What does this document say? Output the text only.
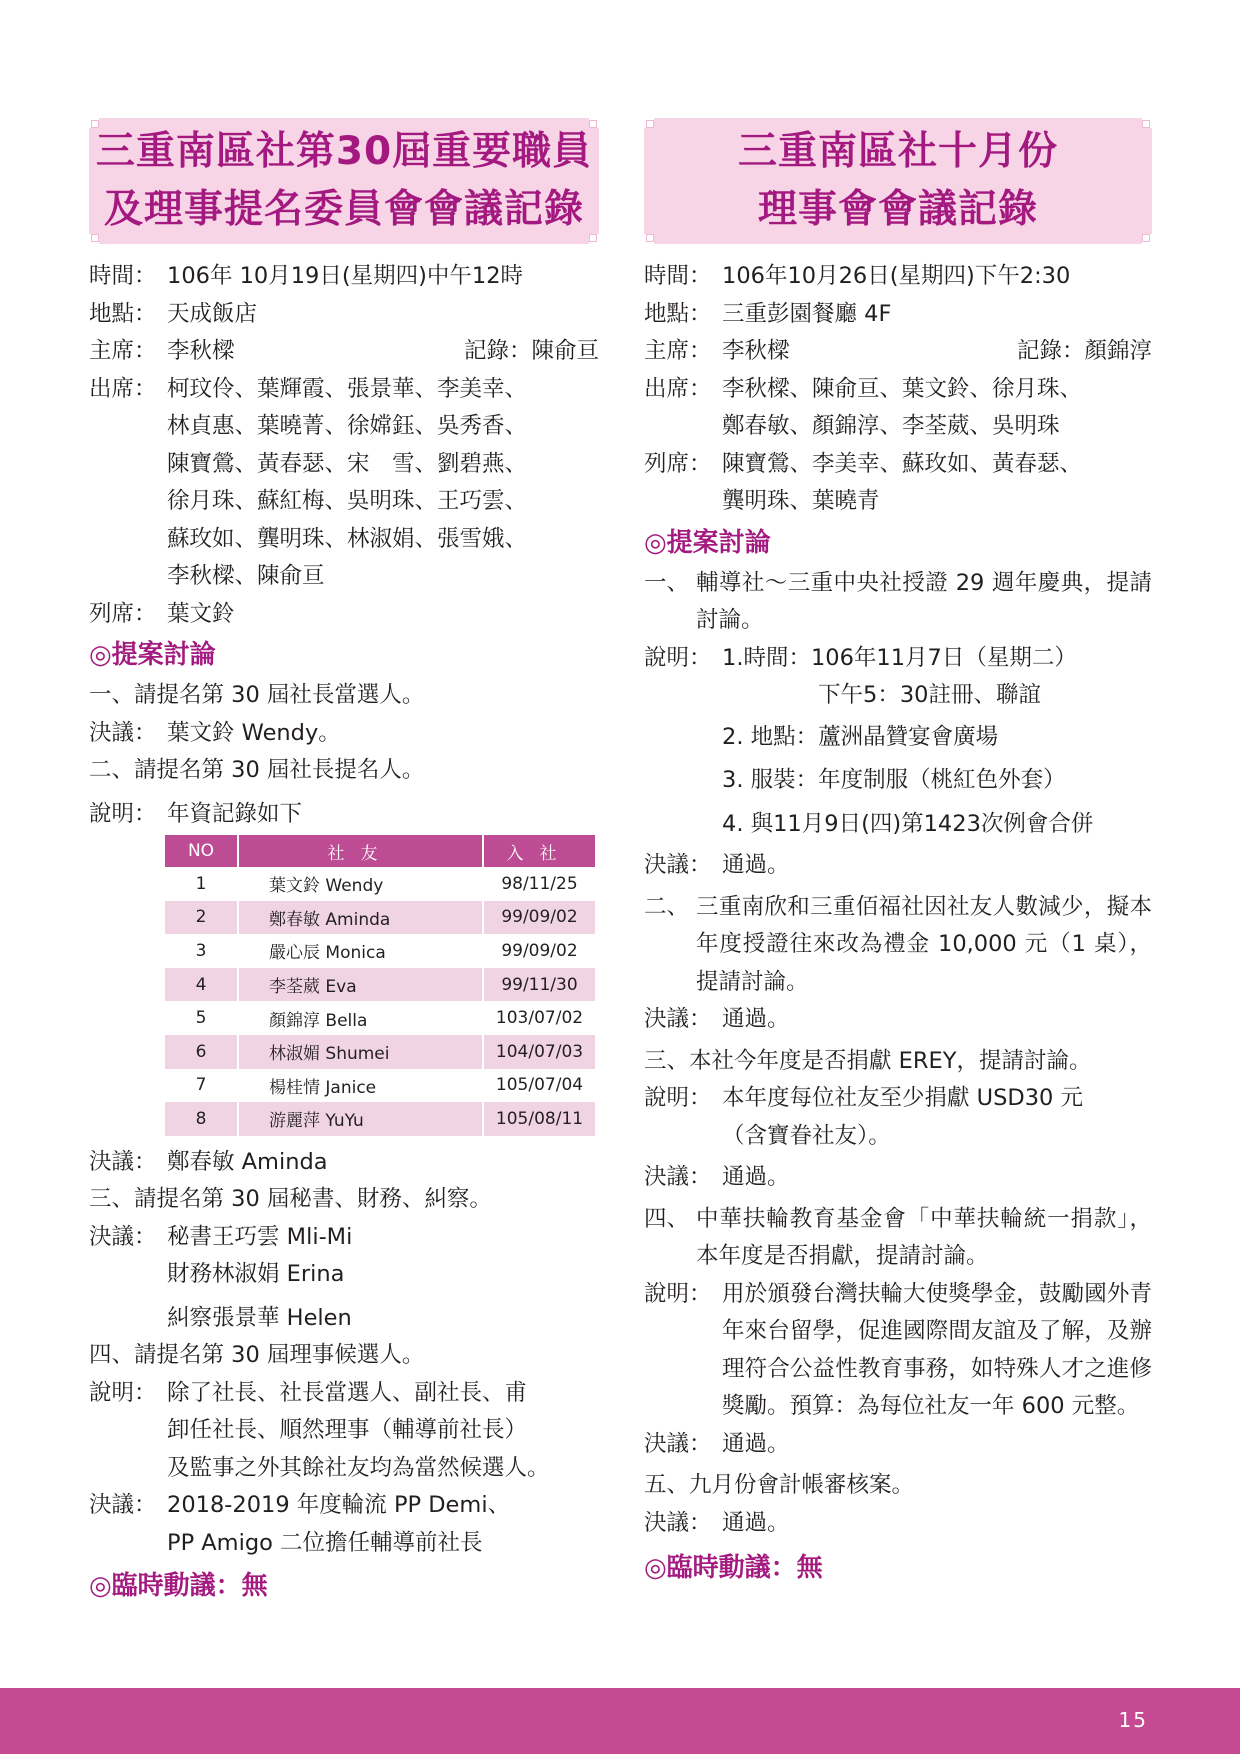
三重南區社第30屆重要職員
及理事提名委員會會議記錄
時間： 106年 10月19日(星期四)中午12時
地點： 天成飯店
主席： 李秋樑	記錄：陳俞亘
出席： 柯玟伶、葉輝霞、張景華、李美幸、
林貞惠、葉曉菁、徐嫦鈺、吳秀香、
陳寶鶯、黃春瑟、宋　雪、劉碧燕、
徐月珠、蘇紅梅、吳明珠、王巧雲、
蘇玫如、龔明珠、林淑娟、張雪娥、
李秋樑、陳俞亘
列席： 葉文鈴
◎提案討論
一、請提名第 30 屆社長當選人。
決議： 葉文鈴 Wendy。
二、請提名第 30 屆社長提名人。
說明： 年資記錄如下
NO	社友	入社
1	葉文鈴 Wendy	98/11/25
2	鄭春敏 Aminda	99/09/02
3	嚴心辰 Monica	99/09/02
4	李荃葳 Eva	99/11/30
5	顏錦淳 Bella	103/07/02
6	林淑媚 Shumei	104/07/03
7	楊桂情 Janice	105/07/04
8	游麗萍 YuYu	105/08/11
決議： 鄭春敏 Aminda
三、請提名第 30 屆秘書、財務、糾察。
決議： 秘書王巧雲 Mli-Mi
財務林淑娟 Erina
糾察張景華 Helen
四、請提名第 30 屆理事候選人。
說明： 除了社長、社長當選人、副社長、甫
卸任社長、順然理事（輔導前社長）
及監事之外其餘社友均為當然候選人。
決議： 2018-2019 年度輪流 PP Demi、
PP Amigo 二位擔任輔導前社長
◎臨時動議：無
三重南區社十月份
理事會會議記錄
時間： 106年10月26日(星期四)下午2:30
地點： 三重彭園餐廳 4F
主席： 李秋樑	記錄：顏錦淳
出席： 李秋樑、陳俞亘、葉文鈴、徐月珠、
鄭春敏、顏錦淳、李荃葳、吳明珠
列席： 陳寶鶯、李美幸、蘇玫如、黃春瑟、
龔明珠、葉曉青
◎提案討論
一、 輔導社～三重中央社授證 29 週年慶典，提請討論。
說明： 1.時間：106年11月7日（星期二）
下午5：30註冊、聯誼
2. 地點：蘆洲晶贊宴會廣場
3. 服裝：年度制服（桃紅色外套）
4. 與11月9日(四)第1423次例會合併
決議： 通過。
二、 三重南欣和三重佰福社因社友人數減少，擬本年度授證往來改為禮金 10,000 元（1 桌），提請討論。
決議： 通過。
三、本社今年度是否捐獻 EREY，提請討論。
說明： 本年度每位社友至少捐獻 USD30 元
（含寶眷社友）。
決議： 通過。
四、 中華扶輪教育基金會「中華扶輪統一捐款」，本年度是否捐獻，提請討論。
說明： 用於頒發台灣扶輪大使獎學金，鼓勵國外青年來台留學，促進國際間友誼及了解，及辦理符合公益性教育事務，如特殊人才之進修獎勵。預算：為每位社友一年 600 元整。
決議： 通過。
五、九月份會計帳審核案。
決議： 通過。
◎臨時動議：無
15
